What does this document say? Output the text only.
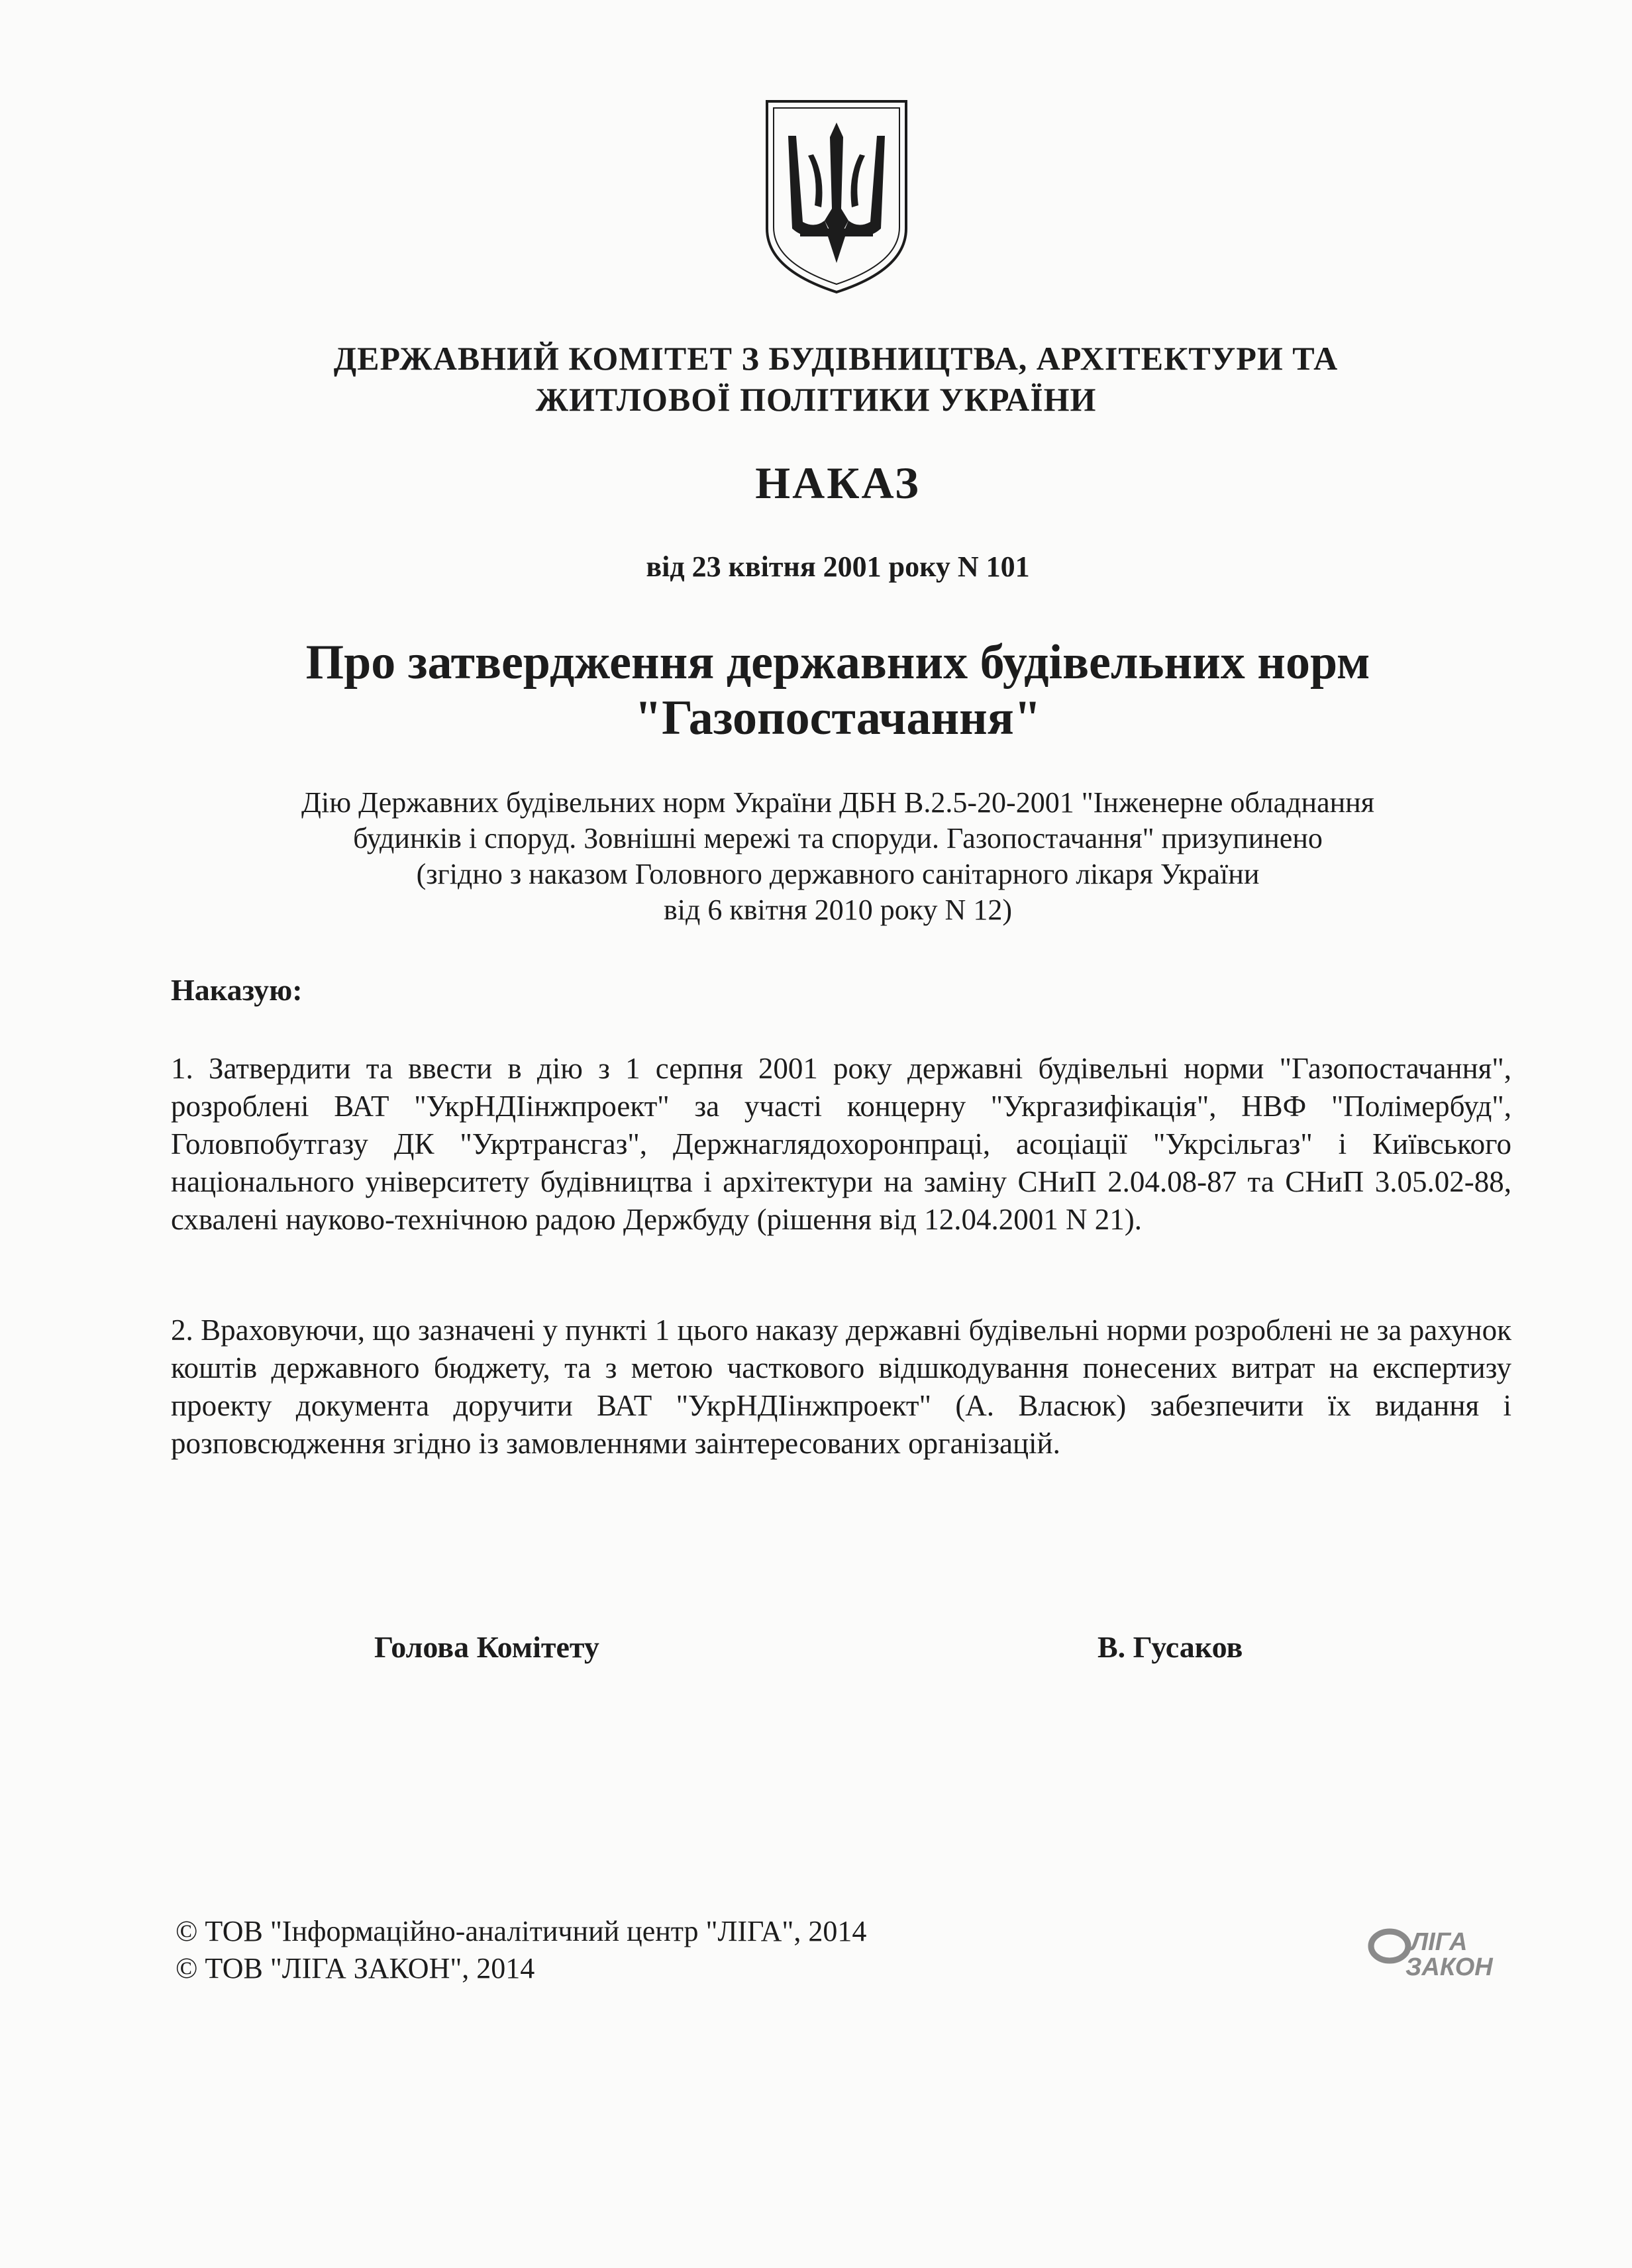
ДЕРЖАВНИЙ КОМІТЕТ З БУДІВНИЦТВА, АРХІТЕКТУРИ ТА
ЖИТЛОВОЇ ПОЛІТИКИ УКРАЇНИ
НАКАЗ
від 23 квітня 2001 року N 101
Про затвердження державних будівельних норм
"Газопостачання"
Дію Державних будівельних норм України ДБН В.2.5-20-2001 "Інженерне обладнання
будинків і споруд. Зовнішні мережі та споруди. Газопостачання" призупинено
(згідно з наказом Головного державного санітарного лікаря України
від 6 квітня 2010 року N 12)
Наказую:
1. Затвердити та ввести в дію з 1 серпня 2001 року державні будівельні норми "Газопостачання", розроблені ВАТ "УкрНДІінжпроект" за участі концерну "Укргазифікація", НВФ "Полімербуд", Головпобутгазу ДК "Укртрансгаз", Держнаглядохоронпраці, асоціації "Укрсільгаз" і Київського національного університету будівництва і архітектури на заміну СНиП 2.04.08-87 та СНиП 3.05.02-88, схвалені науково-технічною радою Держбуду (рішення від 12.04.2001 N 21).
2. Враховуючи, що зазначені у пункті 1 цього наказу державні будівельні норми розроблені не за рахунок коштів державного бюджету, та з метою часткового відшкодування понесених витрат на експертизу проекту документа доручити ВАТ "УкрНДІінжпроект" (А. Власюк) забезпечити їх видання і розповсюдження згідно із замовленнями заінтересованих організацій.
Голова Комітету	В. Гусаков
© ТОВ "Інформаційно-аналітичний центр "ЛІГА", 2014
© ТОВ "ЛІГА ЗАКОН", 2014
ЛІГА
ЗАКОН
